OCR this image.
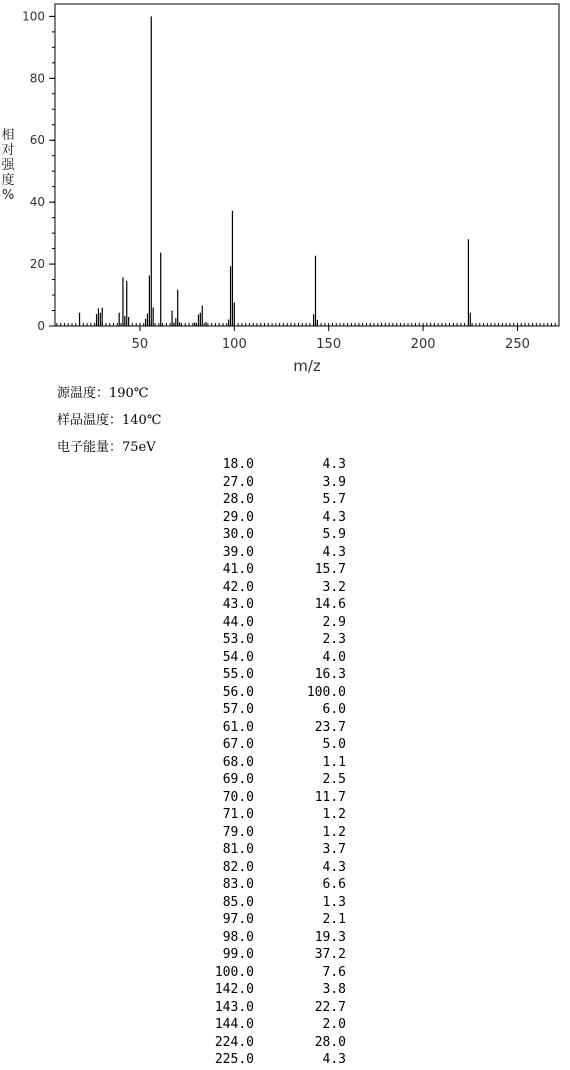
50	100	150	200	250
0
20
40
60
80
100
m/z
相
对
强
度
%
源温度：190℃
样品温度：140℃
电子能量：75eV
18.0	4.3
27.0	3.9
28.0	5.7
29.0	4.3
30.0	5.9
39.0	4.3
41.0	15.7
42.0	3.2
43.0	14.6
44.0	2.9
53.0	2.3
54.0	4.0
55.0	16.3
56.0	100.0
57.0	6.0
61.0	23.7
67.0	5.0
68.0	1.1
69.0	2.5
70.0	11.7
71.0	1.2
79.0	1.2
81.0	3.7
82.0	4.3
83.0	6.6
85.0	1.3
97.0	2.1
98.0	19.3
99.0	37.2
100.0	7.6
142.0	3.8
143.0	22.7
144.0	2.0
224.0	28.0
225.0	4.3
